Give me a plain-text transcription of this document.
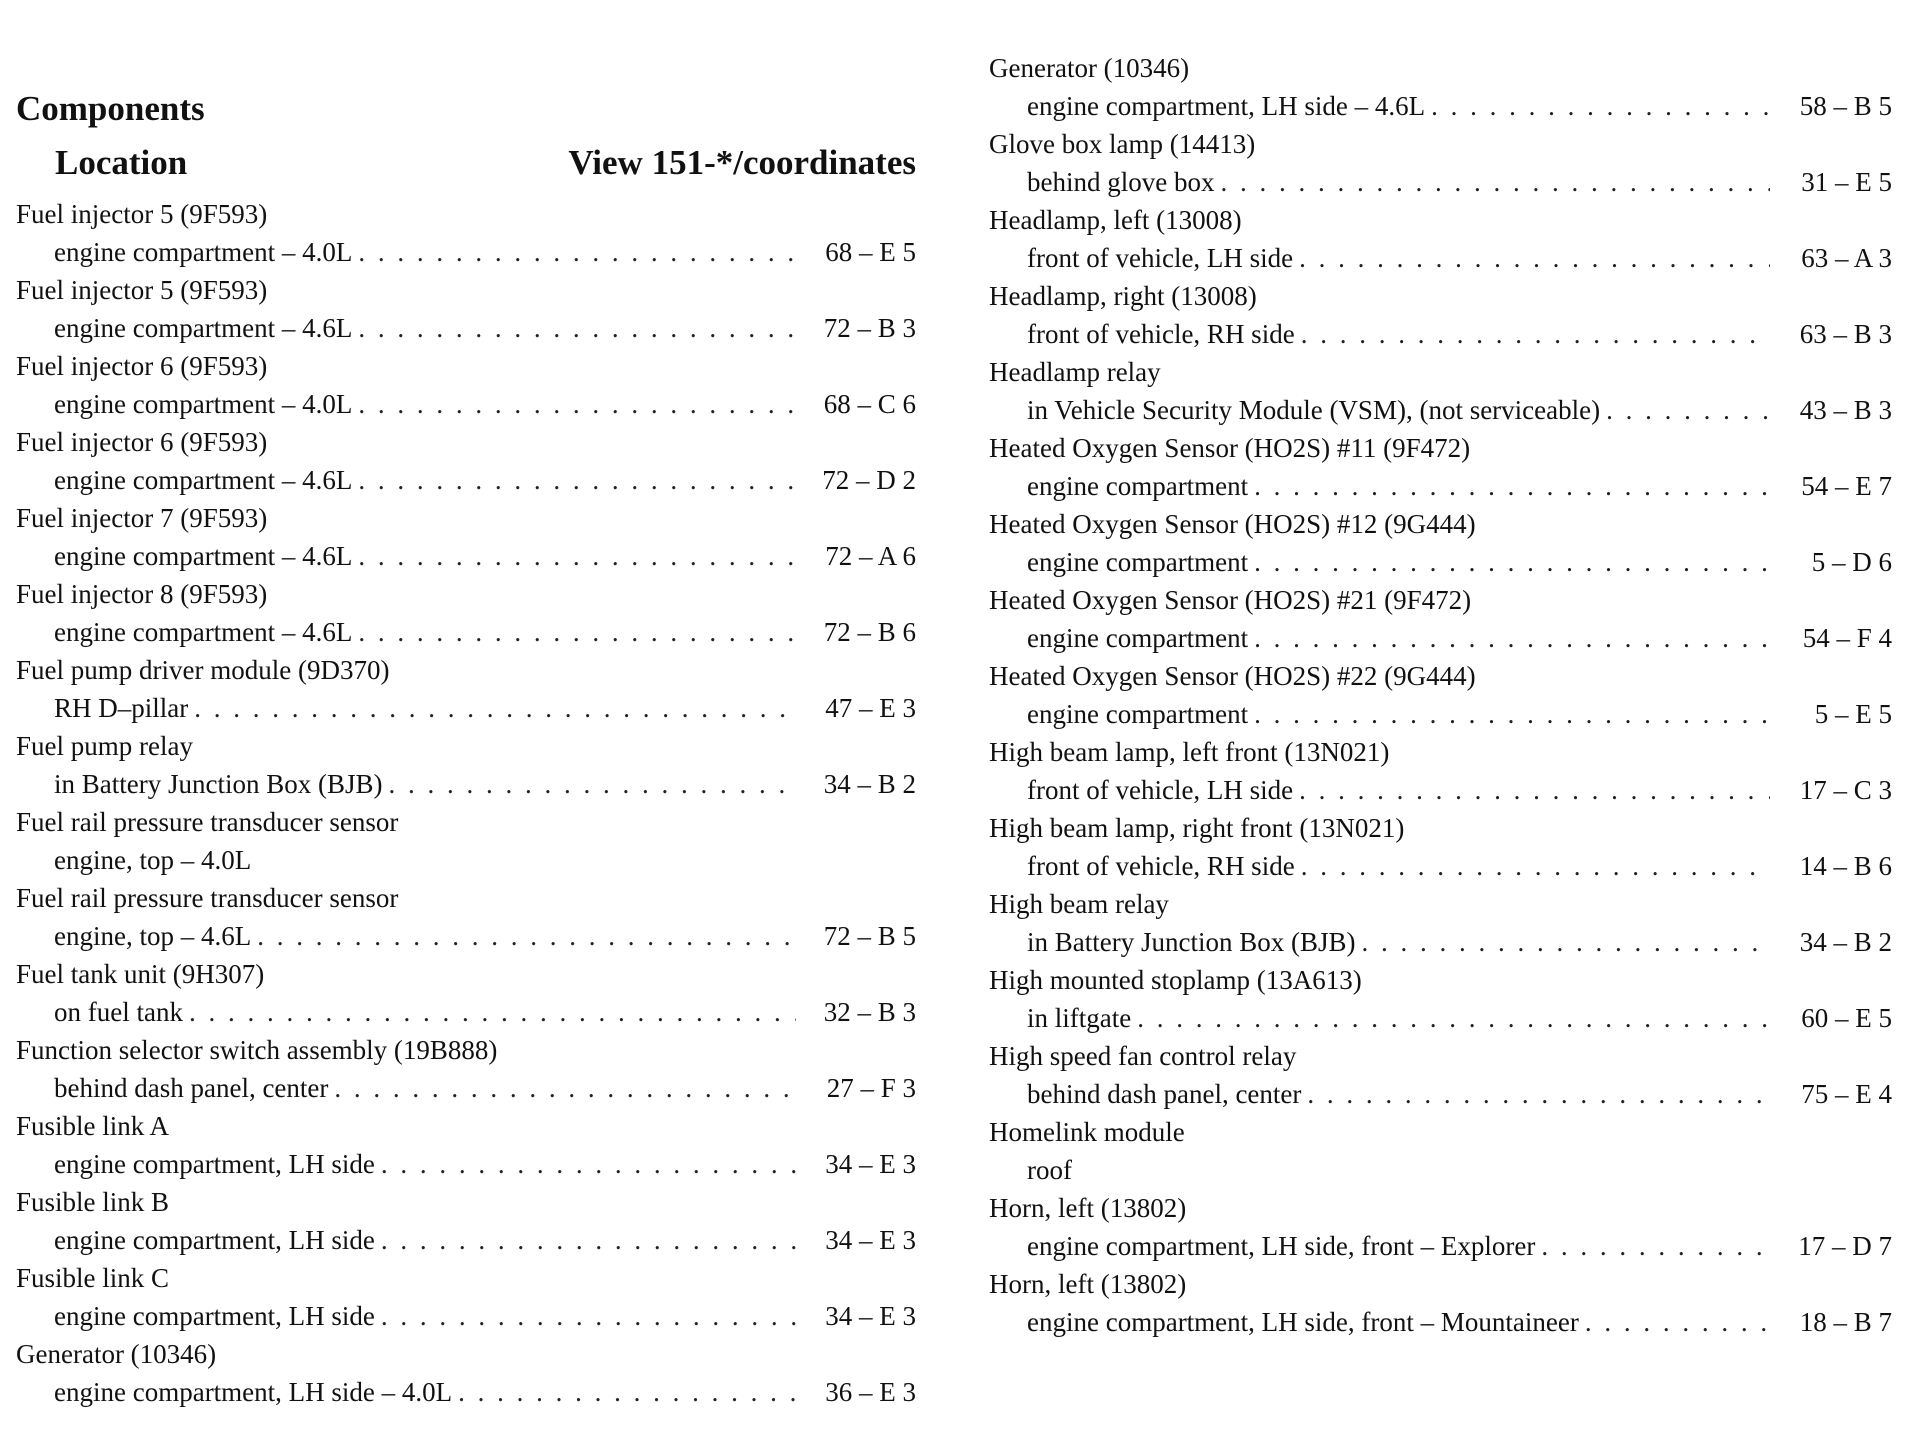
Components
Location	View 151-*/coordinates
Fuel injector 5 (9F593)
engine compartment – 4.0L . . .	68 – E 5
Fuel injector 5 (9F593)
engine compartment – 4.6L . . .	72 – B 3
Fuel injector 6 (9F593)
engine compartment – 4.0L . . .	68 – C 6
Fuel injector 6 (9F593)
engine compartment – 4.6L . . .	72 – D 2
Fuel injector 7 (9F593)
engine compartment – 4.6L . . .	72 – A 6
Fuel injector 8 (9F593)
engine compartment – 4.6L . . .	72 – B 6
Fuel pump driver module (9D370)
RH D–pillar . . .	47 – E 3
Fuel pump relay
in Battery Junction Box (BJB) . . .	34 – B 2
Fuel rail pressure transducer sensor
engine, top – 4.0L
Fuel rail pressure transducer sensor
engine, top – 4.6L . . .	72 – B 5
Fuel tank unit (9H307)
on fuel tank . . .	32 – B 3
Function selector switch assembly (19B888)
behind dash panel, center . . .	27 – F 3
Fusible link A
engine compartment, LH side . . .	34 – E 3
Fusible link B
engine compartment, LH side . . .	34 – E 3
Fusible link C
engine compartment, LH side . . .	34 – E 3
Generator (10346)
engine compartment, LH side – 4.0L . . .	36 – E 3
Generator (10346)
engine compartment, LH side – 4.6L . . .	58 – B 5
Glove box lamp (14413)
behind glove box . . .	31 – E 5
Headlamp, left (13008)
front of vehicle, LH side . . .	63 – A 3
Headlamp, right (13008)
front of vehicle, RH side . . .	63 – B 3
Headlamp relay
in Vehicle Security Module (VSM), (not serviceable) . . .	43 – B 3
Heated Oxygen Sensor (HO2S) #11 (9F472)
engine compartment . . .	54 – E 7
Heated Oxygen Sensor (HO2S) #12 (9G444)
engine compartment . . .	5 – D 6
Heated Oxygen Sensor (HO2S) #21 (9F472)
engine compartment . . .	54 – F 4
Heated Oxygen Sensor (HO2S) #22 (9G444)
engine compartment . . .	5 – E 5
High beam lamp, left front (13N021)
front of vehicle, LH side . . .	17 – C 3
High beam lamp, right front (13N021)
front of vehicle, RH side . . .	14 – B 6
High beam relay
in Battery Junction Box (BJB) . . .	34 – B 2
High mounted stoplamp (13A613)
in liftgate . . .	60 – E 5
High speed fan control relay
behind dash panel, center . . .	75 – E 4
Homelink module
roof
Horn, left (13802)
engine compartment, LH side, front – Explorer . . .	17 – D 7
Horn, left (13802)
engine compartment, LH side, front – Mountaineer . . .	18 – B 7
